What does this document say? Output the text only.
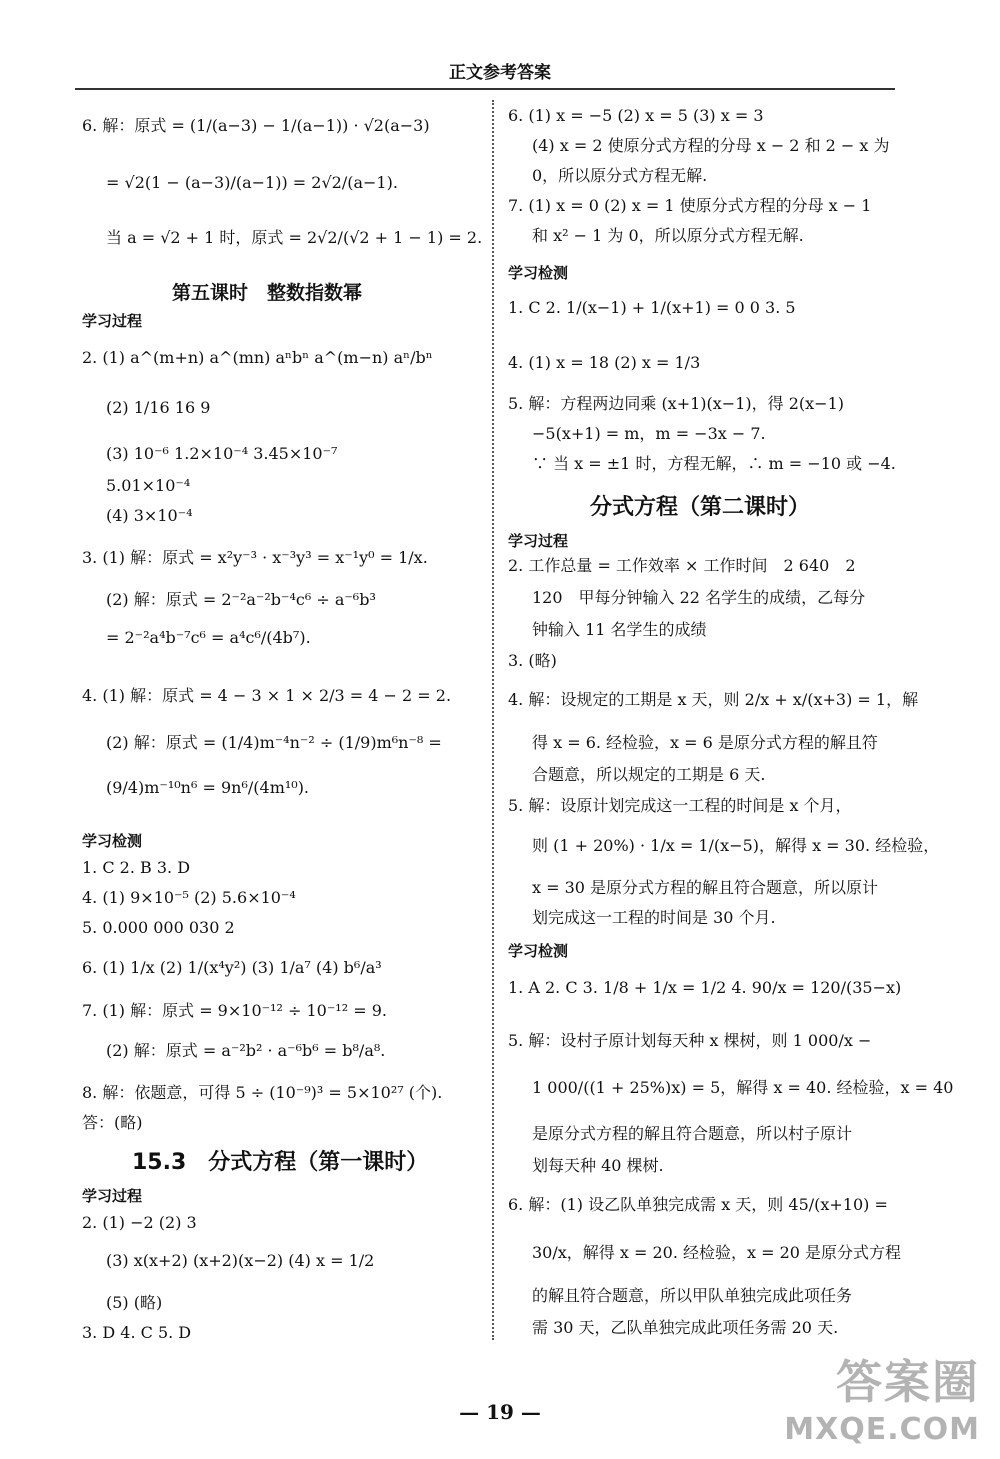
正文参考答案
第五课时　整数指数幂
15.3　分式方程（第一课时）
学习过程
学习检测
学习过程
6. 解：原式 = (1/(a−3) − 1/(a−1)) · √2(a−3)
= √2(1 − (a−3)/(a−1)) = 2√2/(a−1).
当 a = √2 + 1 时，原式 = 2√2/(√2 + 1 − 1) = 2.
2. (1) a^(m+n) a^(mn) aⁿbⁿ a^(m−n) aⁿ/bⁿ
(2) 1/16 16 9
(3) 10⁻⁶ 1.2×10⁻⁴ 3.45×10⁻⁷
5.01×10⁻⁴
(4) 3×10⁻⁴
3. (1) 解：原式 = x²y⁻³ · x⁻³y³ = x⁻¹y⁰ = 1/x.
(2) 解：原式 = 2⁻²a⁻²b⁻⁴c⁶ ÷ a⁻⁶b³
= 2⁻²a⁴b⁻⁷c⁶ = a⁴c⁶/(4b⁷).
4. (1) 解：原式 = 4 − 3 × 1 × 2/3 = 4 − 2 = 2.
(2) 解：原式 = (1/4)m⁻⁴n⁻² ÷ (1/9)m⁶n⁻⁸ =
(9/4)m⁻¹⁰n⁶ = 9n⁶/(4m¹⁰).
1. C 2. B 3. D
4. (1) 9×10⁻⁵ (2) 5.6×10⁻⁴
5. 0.000 000 030 2
6. (1) 1/x (2) 1/(x⁴y²) (3) 1/a⁷ (4) b⁶/a³
7. (1) 解：原式 = 9×10⁻¹² ÷ 10⁻¹² = 9.
(2) 解：原式 = a⁻²b² · a⁻⁶b⁶ = b⁸/a⁸.
8. 解：依题意，可得 5 ÷ (10⁻⁹)³ = 5×10²⁷ (个).
答：(略)
2. (1) −2 (2) 3
(3) x(x+2) (x+2)(x−2) (4) x = 1/2
(5) (略)
3. D 4. C 5. D
分式方程（第二课时）
学习检测
学习过程
学习检测
6. (1) x = −5 (2) x = 5 (3) x = 3
(4) x = 2 使原分式方程的分母 x − 2 和 2 − x 为
0，所以原分式方程无解.
7. (1) x = 0 (2) x = 1 使原分式方程的分母 x − 1
和 x² − 1 为 0，所以原分式方程无解.
1. C 2. 1/(x−1) + 1/(x+1) = 0 0 3. 5
4. (1) x = 18 (2) x = 1/3
5. 解：方程两边同乘 (x+1)(x−1)，得 2(x−1)
−5(x+1) = m，m = −3x − 7.
∵ 当 x = ±1 时，方程无解，∴ m = −10 或 −4.
2. 工作总量 = 工作效率 × 工作时间　2 640　2
120　甲每分钟输入 22 名学生的成绩，乙每分
钟输入 11 名学生的成绩
3. (略)
4. 解：设规定的工期是 x 天，则 2/x + x/(x+3) = 1，解
得 x = 6. 经检验，x = 6 是原分式方程的解且符
合题意，所以规定的工期是 6 天.
5. 解：设原计划完成这一工程的时间是 x 个月，
则 (1 + 20%) · 1/x = 1/(x−5)，解得 x = 30. 经检验，
x = 30 是原分式方程的解且符合题意，所以原计
划完成这一工程的时间是 30 个月.
1. A 2. C 3. 1/8 + 1/x = 1/2 4. 90/x = 120/(35−x)
5. 解：设村子原计划每天种 x 棵树，则 1 000/x −
1 000/((1 + 25%)x) = 5，解得 x = 40. 经检验，x = 40
是原分式方程的解且符合题意，所以村子原计
划每天种 40 棵树.
6. 解：(1) 设乙队单独完成需 x 天，则 45/(x+10) =
30/x，解得 x = 20. 经检验，x = 20 是原分式方程
的解且符合题意，所以甲队单独完成此项任务
需 30 天，乙队单独完成此项任务需 20 天.
— 19 —
答案圈
MXQE.COM
